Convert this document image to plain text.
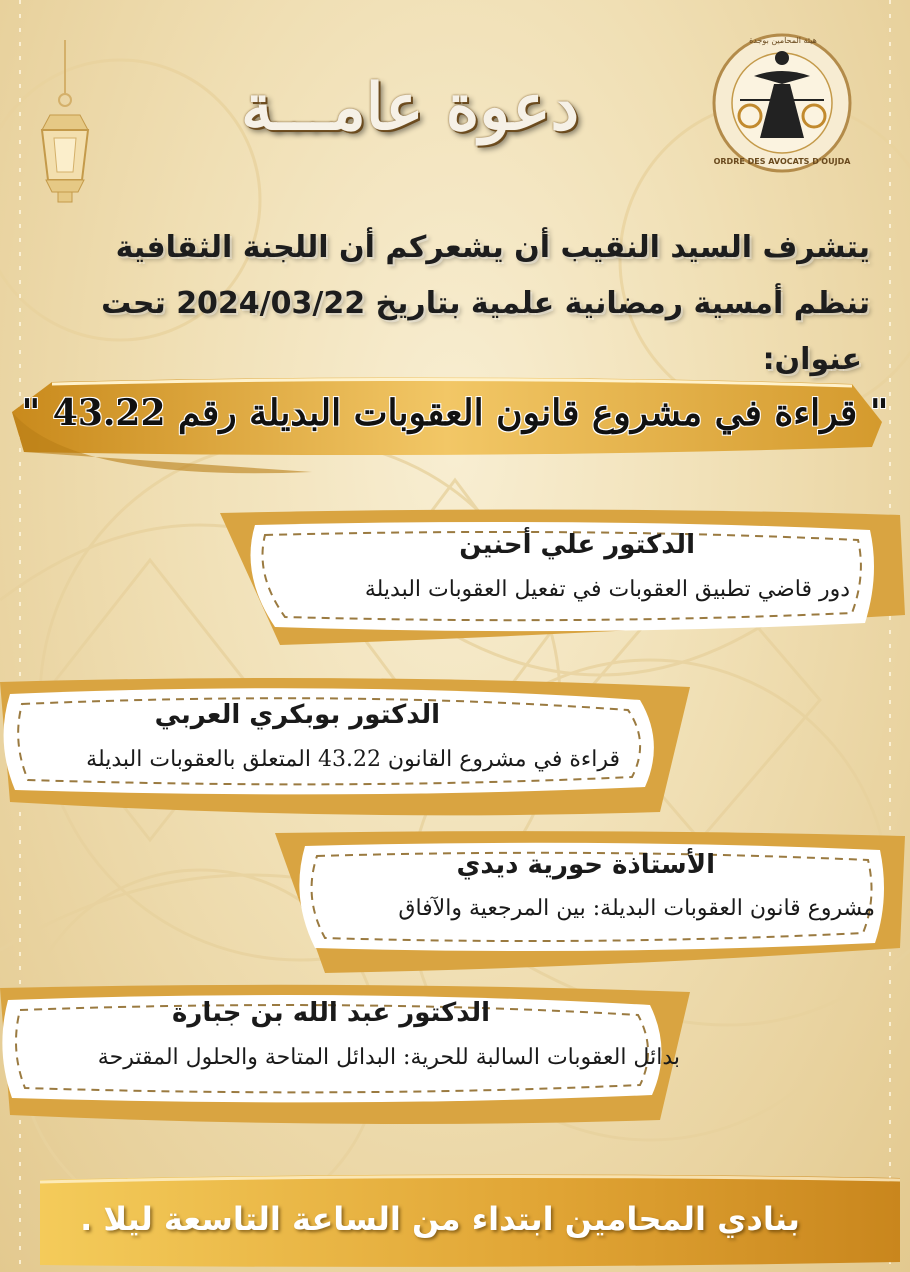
دعوة عامـــة
هيئة المحامين بوجدة
ORDRE DES AVOCATS D'OUJDA
يتشرف السيد النقيب أن يشعركم أن اللجنة الثقافية
تنظم أمسية رمضانية علمية بتاريخ 2024/03/22 تحت
عنوان:
" قراءة في مشروع قانون العقوبات البديلة رقم 43.22 "
الدكتور علي أحنين
دور قاضي تطبيق العقوبات في تفعيل العقوبات البديلة
الدكتور بوبكري العربي
قراءة في مشروع القانون 43.22 المتعلق بالعقوبات البديلة
الأستاذة حورية ديدي
مشروع قانون العقوبات البديلة: بين المرجعية والآفاق
الدكتور عبد الله بن جبارة
بدائل العقوبات السالبة للحرية: البدائل المتاحة والحلول المقترحة
بنادي المحامين ابتداء من الساعة التاسعة ليلا .
